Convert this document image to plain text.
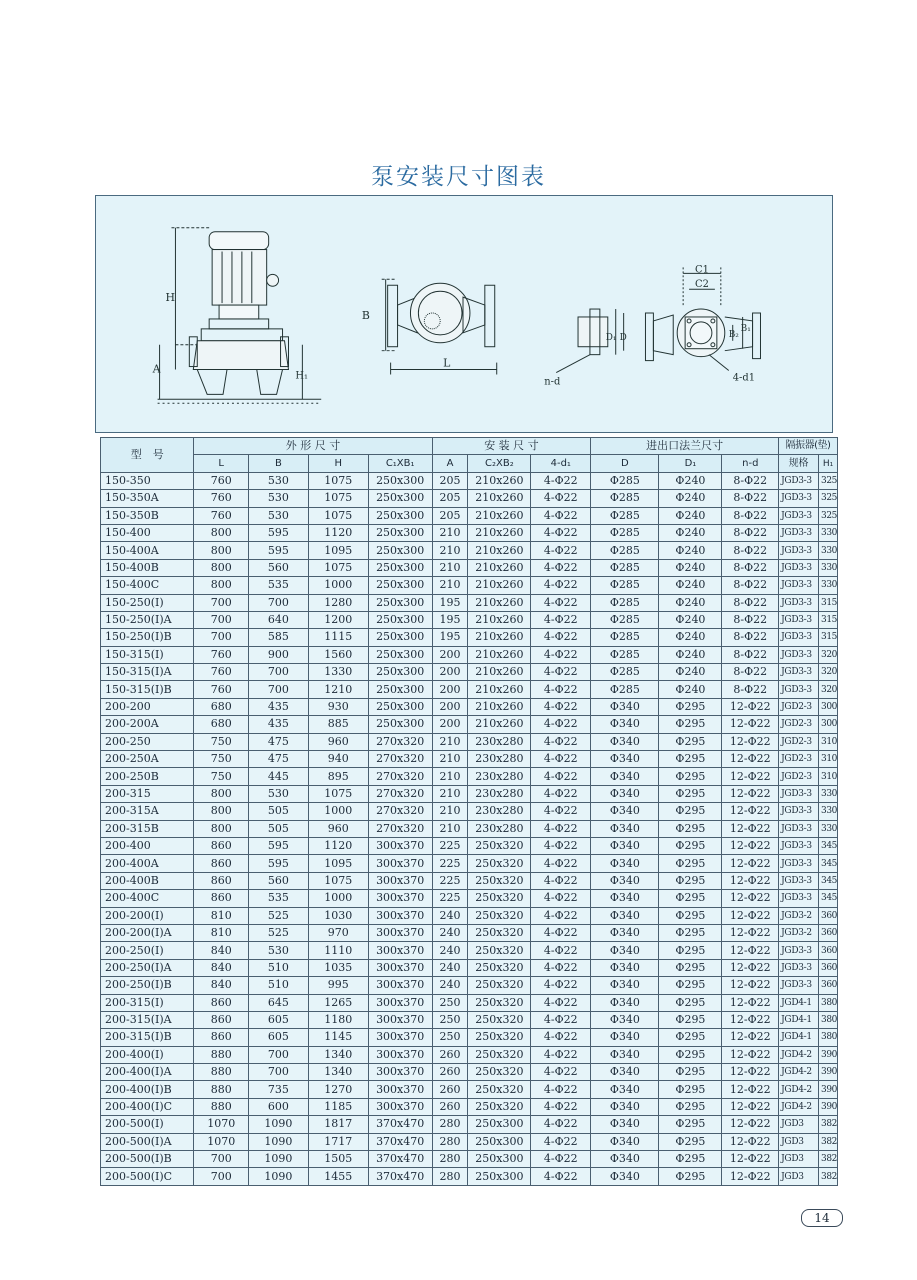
泵安装尺寸图表
H
A
H₁
B
L
D₁ D
n-d
C1
C2
B₂
B₁
4-d1
型　号	外 形 尺 寸				安 装 尺 寸			进出口法兰尺寸			隔振器(垫)	
	L	B	H	C₁XB₁	A	C₂XB₂	4-d₁	D	D₁	n-d	规格	H₁
150-350	760	530	1075	250x300	205	210x260	4-Φ22	Φ285	Φ240	8-Φ22	JGD3-3	325
150-350A	760	530	1075	250x300	205	210x260	4-Φ22	Φ285	Φ240	8-Φ22	JGD3-3	325
150-350B	760	530	1075	250x300	205	210x260	4-Φ22	Φ285	Φ240	8-Φ22	JGD3-3	325
150-400	800	595	1120	250x300	210	210x260	4-Φ22	Φ285	Φ240	8-Φ22	JGD3-3	330
150-400A	800	595	1095	250x300	210	210x260	4-Φ22	Φ285	Φ240	8-Φ22	JGD3-3	330
150-400B	800	560	1075	250x300	210	210x260	4-Φ22	Φ285	Φ240	8-Φ22	JGD3-3	330
150-400C	800	535	1000	250x300	210	210x260	4-Φ22	Φ285	Φ240	8-Φ22	JGD3-3	330
150-250(I)	700	700	1280	250x300	195	210x260	4-Φ22	Φ285	Φ240	8-Φ22	JGD3-3	315
150-250(I)A	700	640	1200	250x300	195	210x260	4-Φ22	Φ285	Φ240	8-Φ22	JGD3-3	315
150-250(I)B	700	585	1115	250x300	195	210x260	4-Φ22	Φ285	Φ240	8-Φ22	JGD3-3	315
150-315(I)	760	900	1560	250x300	200	210x260	4-Φ22	Φ285	Φ240	8-Φ22	JGD3-3	320
150-315(I)A	760	700	1330	250x300	200	210x260	4-Φ22	Φ285	Φ240	8-Φ22	JGD3-3	320
150-315(I)B	760	700	1210	250x300	200	210x260	4-Φ22	Φ285	Φ240	8-Φ22	JGD3-3	320
200-200	680	435	930	250x300	200	210x260	4-Φ22	Φ340	Φ295	12-Φ22	JGD2-3	300
200-200A	680	435	885	250x300	200	210x260	4-Φ22	Φ340	Φ295	12-Φ22	JGD2-3	300
200-250	750	475	960	270x320	210	230x280	4-Φ22	Φ340	Φ295	12-Φ22	JGD2-3	310
200-250A	750	475	940	270x320	210	230x280	4-Φ22	Φ340	Φ295	12-Φ22	JGD2-3	310
200-250B	750	445	895	270x320	210	230x280	4-Φ22	Φ340	Φ295	12-Φ22	JGD2-3	310
200-315	800	530	1075	270x320	210	230x280	4-Φ22	Φ340	Φ295	12-Φ22	JGD3-3	330
200-315A	800	505	1000	270x320	210	230x280	4-Φ22	Φ340	Φ295	12-Φ22	JGD3-3	330
200-315B	800	505	960	270x320	210	230x280	4-Φ22	Φ340	Φ295	12-Φ22	JGD3-3	330
200-400	860	595	1120	300x370	225	250x320	4-Φ22	Φ340	Φ295	12-Φ22	JGD3-3	345
200-400A	860	595	1095	300x370	225	250x320	4-Φ22	Φ340	Φ295	12-Φ22	JGD3-3	345
200-400B	860	560	1075	300x370	225	250x320	4-Φ22	Φ340	Φ295	12-Φ22	JGD3-3	345
200-400C	860	535	1000	300x370	225	250x320	4-Φ22	Φ340	Φ295	12-Φ22	JGD3-3	345
200-200(I)	810	525	1030	300x370	240	250x320	4-Φ22	Φ340	Φ295	12-Φ22	JGD3-2	360
200-200(I)A	810	525	970	300x370	240	250x320	4-Φ22	Φ340	Φ295	12-Φ22	JGD3-2	360
200-250(I)	840	530	1110	300x370	240	250x320	4-Φ22	Φ340	Φ295	12-Φ22	JGD3-3	360
200-250(I)A	840	510	1035	300x370	240	250x320	4-Φ22	Φ340	Φ295	12-Φ22	JGD3-3	360
200-250(I)B	840	510	995	300x370	240	250x320	4-Φ22	Φ340	Φ295	12-Φ22	JGD3-3	360
200-315(I)	860	645	1265	300x370	250	250x320	4-Φ22	Φ340	Φ295	12-Φ22	JGD4-1	380
200-315(I)A	860	605	1180	300x370	250	250x320	4-Φ22	Φ340	Φ295	12-Φ22	JGD4-1	380
200-315(I)B	860	605	1145	300x370	250	250x320	4-Φ22	Φ340	Φ295	12-Φ22	JGD4-1	380
200-400(I)	880	700	1340	300x370	260	250x320	4-Φ22	Φ340	Φ295	12-Φ22	JGD4-2	390
200-400(I)A	880	700	1340	300x370	260	250x320	4-Φ22	Φ340	Φ295	12-Φ22	JGD4-2	390
200-400(I)B	880	735	1270	300x370	260	250x320	4-Φ22	Φ340	Φ295	12-Φ22	JGD4-2	390
200-400(I)C	880	600	1185	300x370	260	250x320	4-Φ22	Φ340	Φ295	12-Φ22	JGD4-2	390
200-500(I)	1070	1090	1817	370x470	280	250x300	4-Φ22	Φ340	Φ295	12-Φ22	JGD3	382
200-500(I)A	1070	1090	1717	370x470	280	250x300	4-Φ22	Φ340	Φ295	12-Φ22	JGD3	382
200-500(I)B	700	1090	1505	370x470	280	250x300	4-Φ22	Φ340	Φ295	12-Φ22	JGD3	382
200-500(I)C	700	1090	1455	370x470	280	250x300	4-Φ22	Φ340	Φ295	12-Φ22	JGD3	382
14
